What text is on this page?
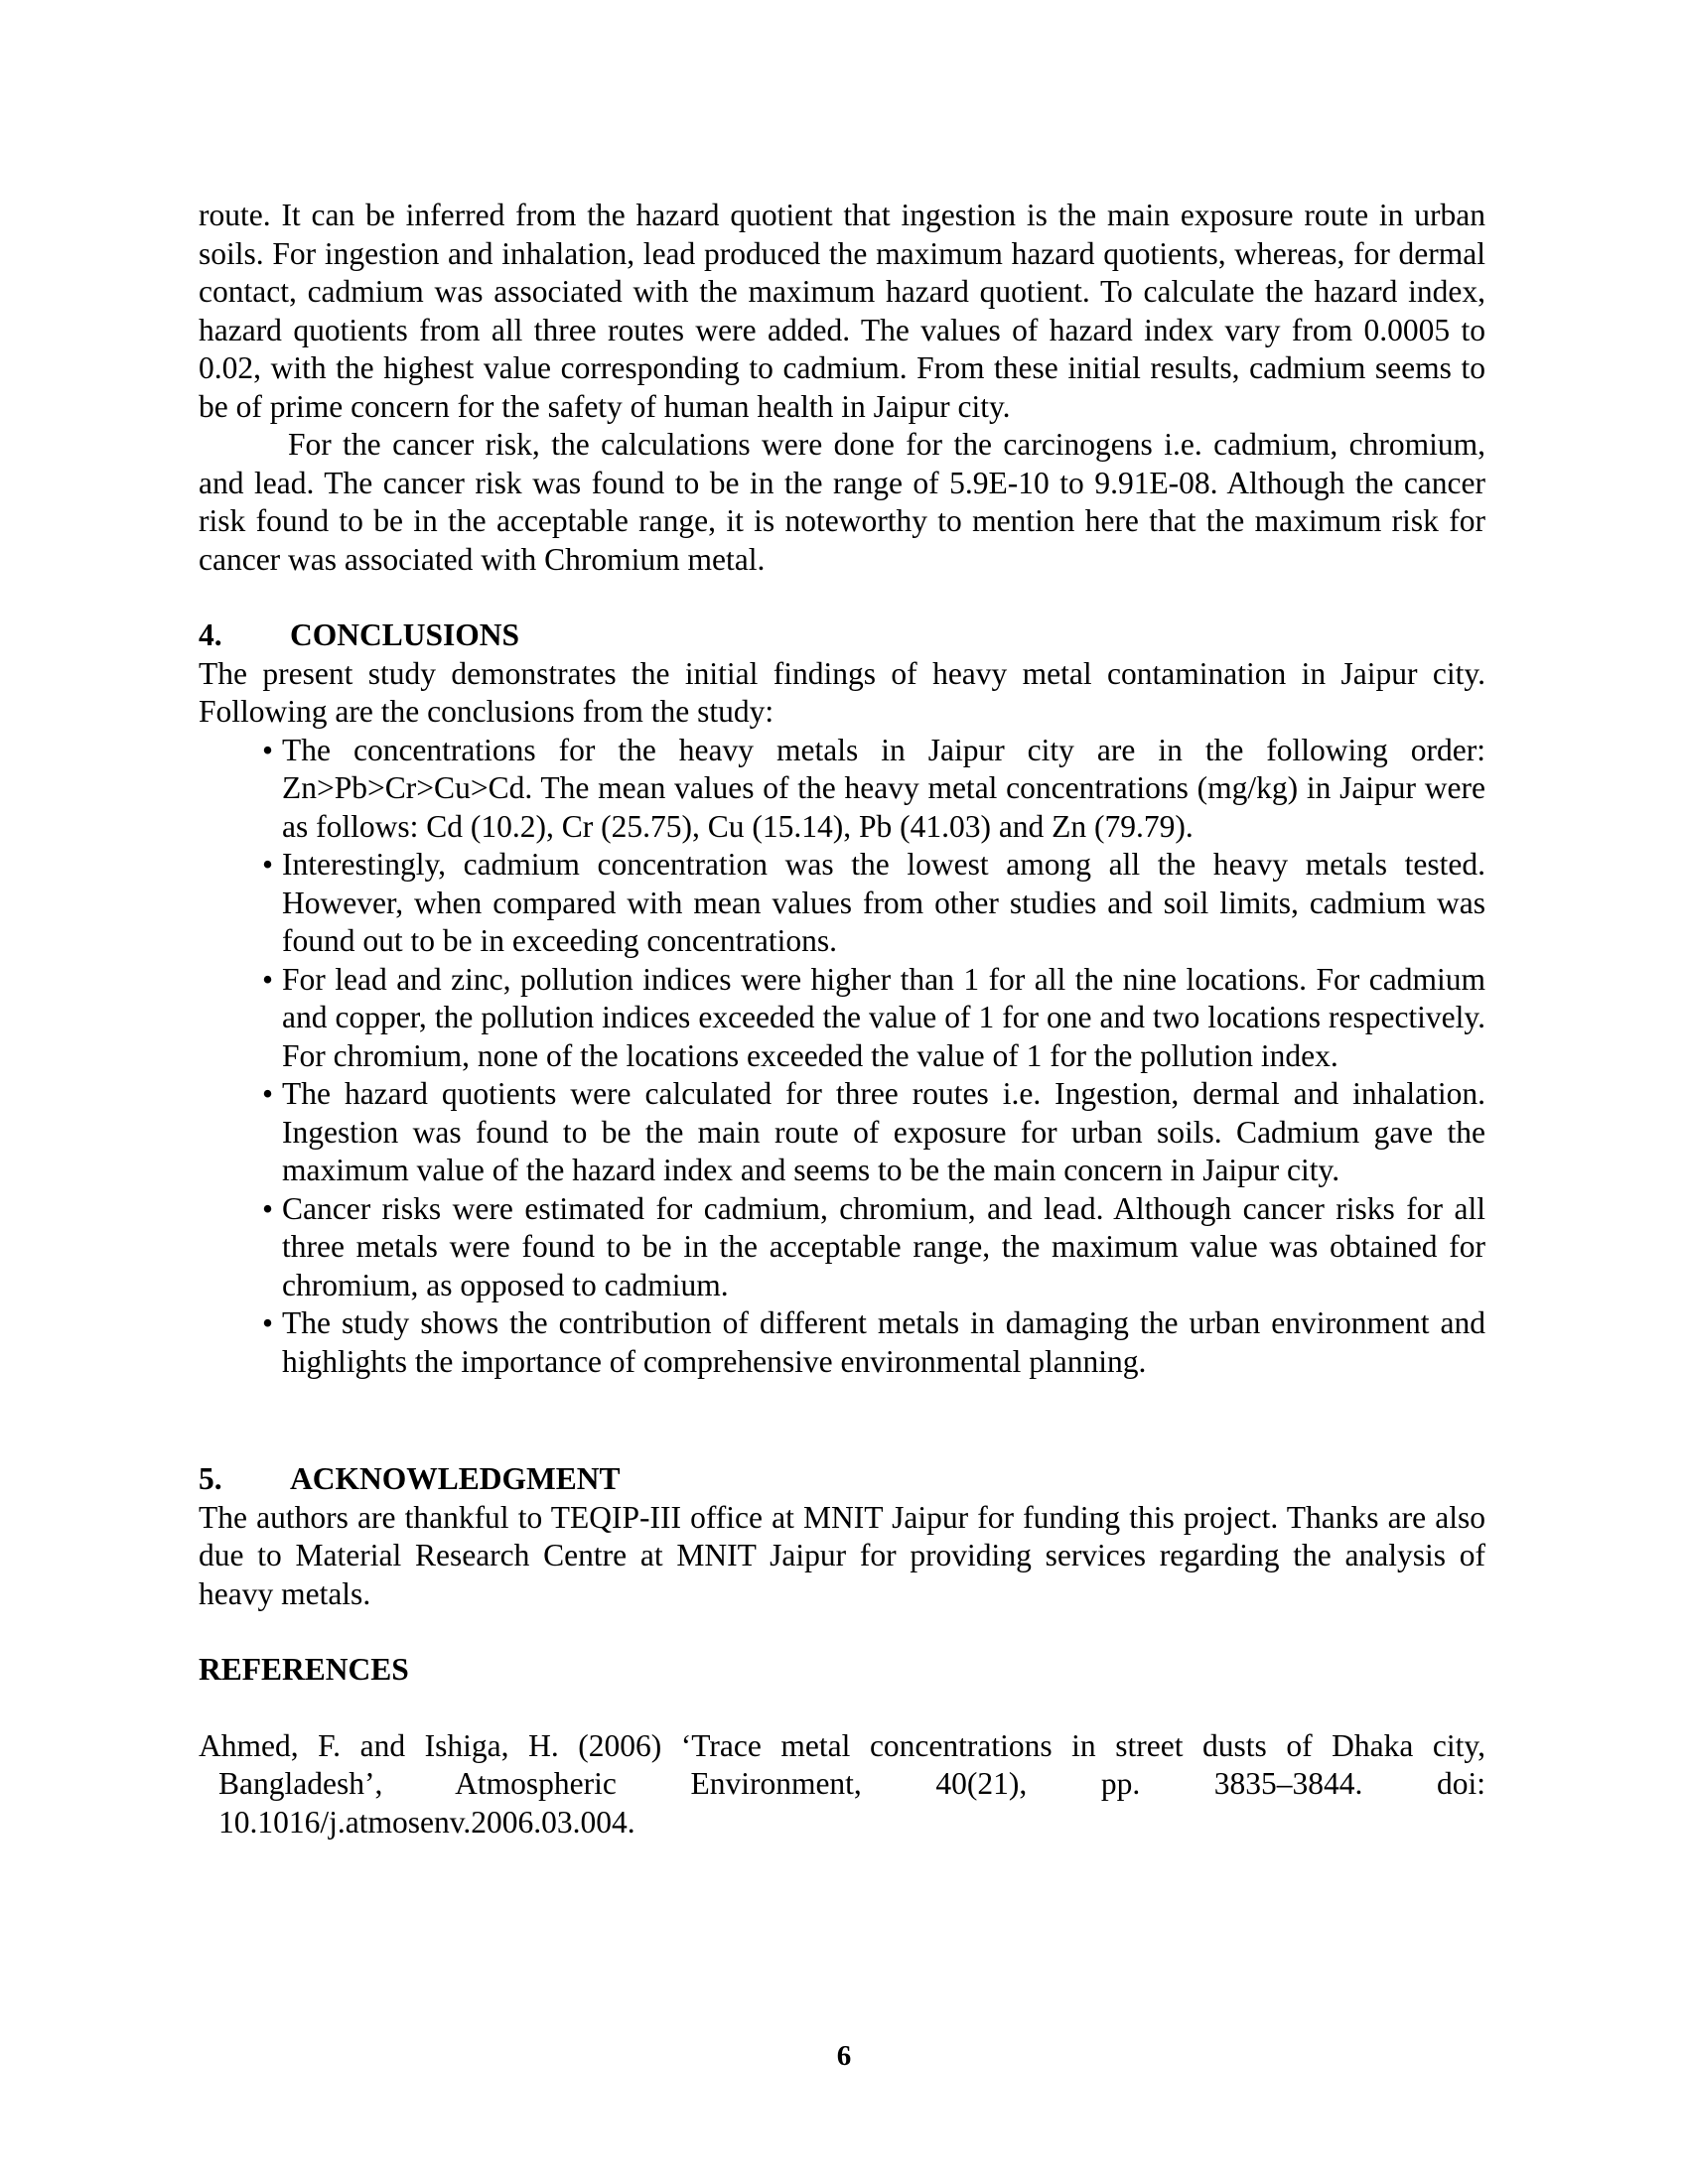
route. It can be inferred from the hazard quotient that ingestion is the main exposure route in urban soils. For ingestion and inhalation, lead produced the maximum hazard quotients, whereas, for dermal contact, cadmium was associated with the maximum hazard quotient. To calculate the hazard index, hazard quotients from all three routes were added. The values of hazard index vary from 0.0005 to 0.02, with the highest value corresponding to cadmium. From these initial results, cadmium seems to be of prime concern for the safety of human health in Jaipur city.

For the cancer risk, the calculations were done for the carcinogens i.e. cadmium, chromium, and lead. The cancer risk was found to be in the range of 5.9E-10 to 9.91E-08. Although the cancer risk found to be in the acceptable range, it is noteworthy to mention here that the maximum risk for cancer was associated with Chromium metal.

4.	CONCLUSIONS

The present study demonstrates the initial findings of heavy metal contamination in Jaipur city. Following are the conclusions from the study:

• The concentrations for the heavy metals in Jaipur city are in the following order: Zn>Pb>Cr>Cu>Cd. The mean values of the heavy metal concentrations (mg/kg) in Jaipur were as follows: Cd (10.2), Cr (25.75), Cu (15.14), Pb (41.03) and Zn (79.79).
• Interestingly, cadmium concentration was the lowest among all the heavy metals tested. However, when compared with mean values from other studies and soil limits, cadmium was found out to be in exceeding concentrations.
• For lead and zinc, pollution indices were higher than 1 for all the nine locations. For cadmium and copper, the pollution indices exceeded the value of 1 for one and two locations respectively. For chromium, none of the locations exceeded the value of 1 for the pollution index.
• The hazard quotients were calculated for three routes i.e. Ingestion, dermal and inhalation. Ingestion was found to be the main route of exposure for urban soils. Cadmium gave the maximum value of the hazard index and seems to be the main concern in Jaipur city.
• Cancer risks were estimated for cadmium, chromium, and lead. Although cancer risks for all three metals were found to be in the acceptable range, the maximum value was obtained for chromium, as opposed to cadmium.
• The study shows the contribution of different metals in damaging the urban environment and highlights the importance of comprehensive environmental planning.
5.	ACKNOWLEDGMENT

The authors are thankful to TEQIP-III office at MNIT Jaipur for funding this project. Thanks are also due to Material Research Centre at MNIT Jaipur for providing services regarding the analysis of heavy metals.

REFERENCES

Ahmed, F. and Ishiga, H. (2006) ‘Trace metal concentrations in street dusts of Dhaka city, Bangladesh’, Atmospheric Environment, 40(21), pp. 3835–3844. doi: 10.1016/j.atmosenv.2006.03.004.

6
